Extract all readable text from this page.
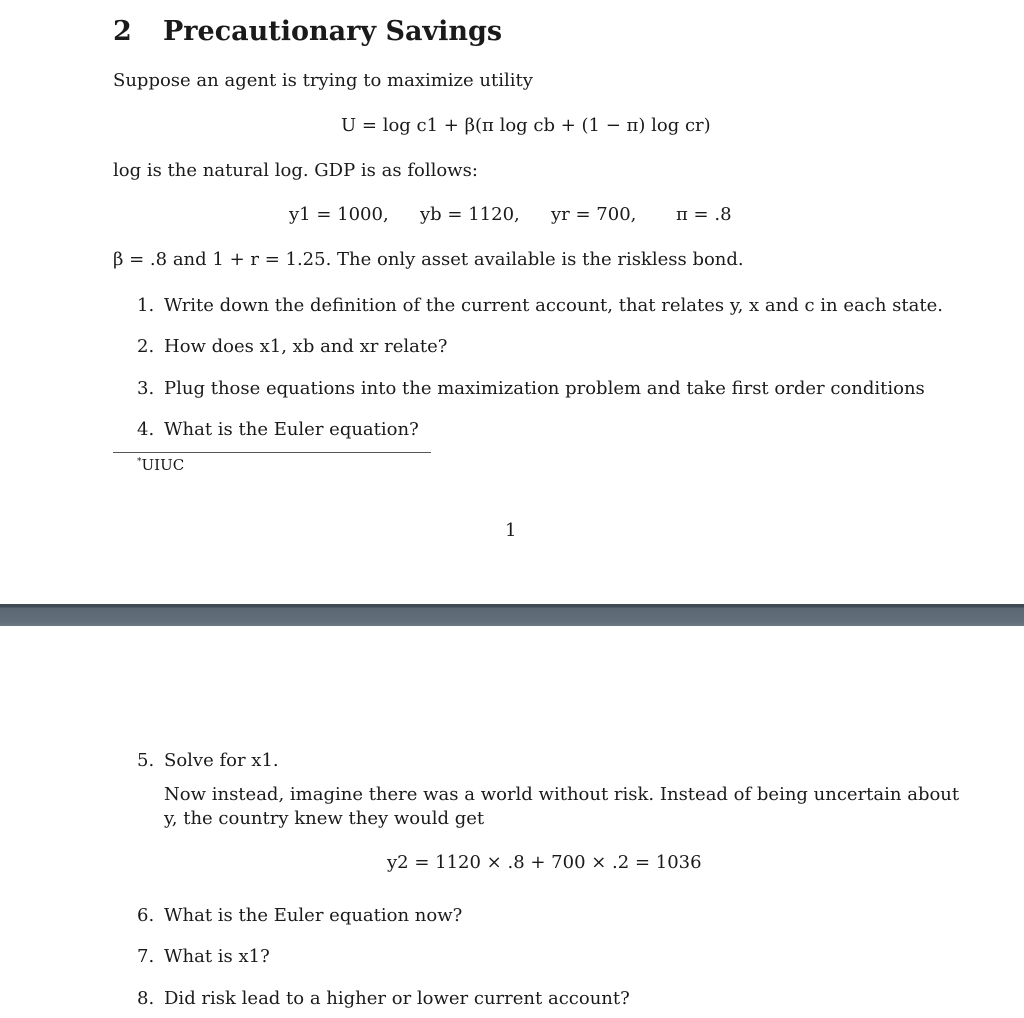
2 Precautionary Savings
Suppose an agent is trying to maximize utility
U = log c1 + β(π log cb + (1 − π) log cr)
log is the natural log. GDP is as follows:
y1 = 1000, yb = 1120, yr = 700, π = .8
β = .8 and 1 + r = 1.25. The only asset available is the riskless bond.
1. Write down the definition of the current account, that relates y, x and c in each state.
2. How does x1, xb and xr relate?
3. Plug those equations into the maximization problem and take first order conditions
4. What is the Euler equation?
*UIUC
1
5. Solve for x1.
Now instead, imagine there was a world without risk. Instead of being uncertain about
y, the country knew they would get
y2 = 1120 × .8 + 700 × .2 = 1036
6. What is the Euler equation now?
7. What is x1?
8. Did risk lead to a higher or lower current account?
